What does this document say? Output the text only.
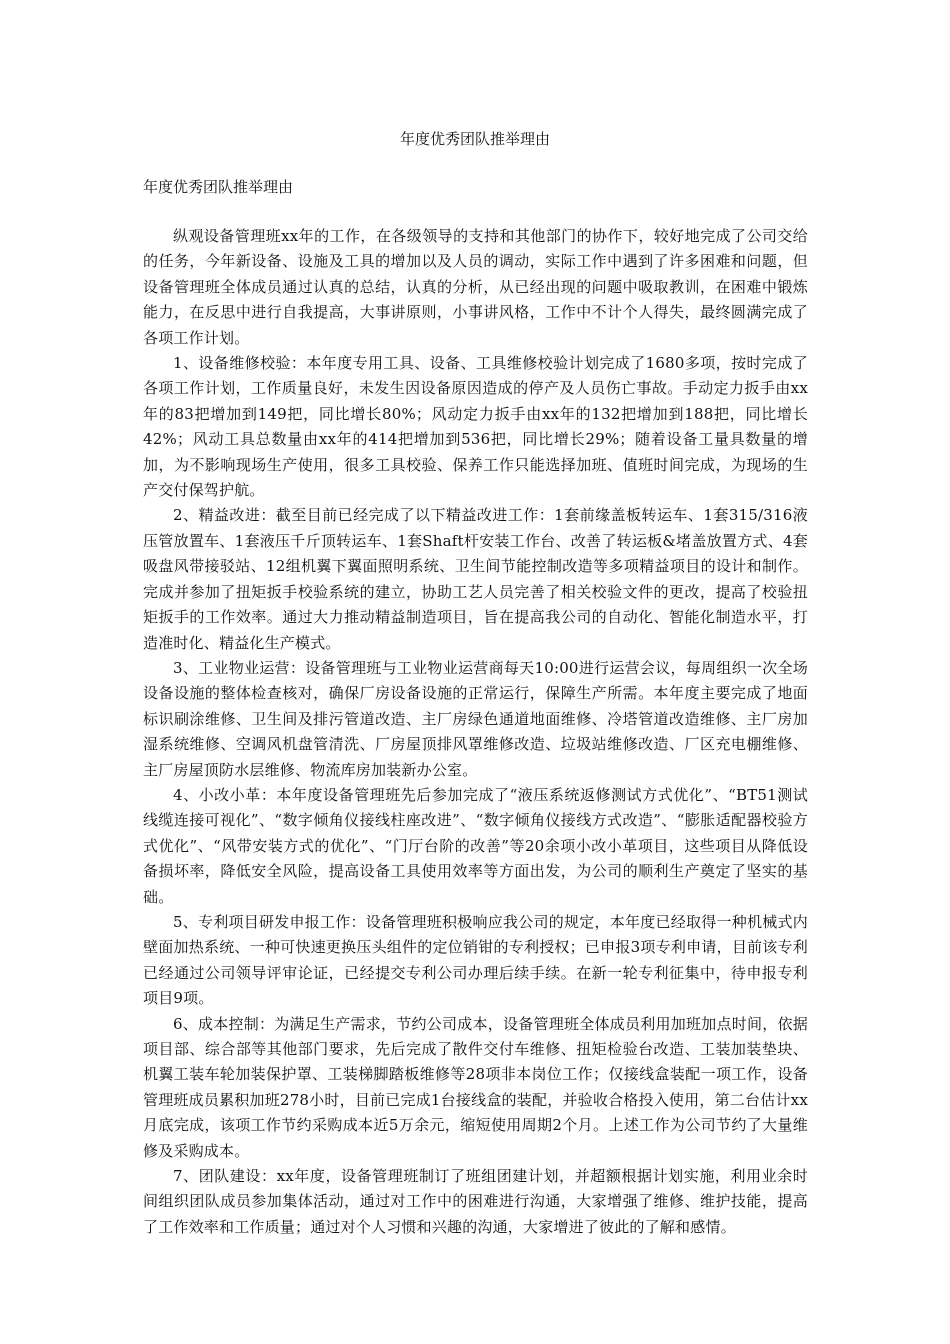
年度优秀团队推举理由
年度优秀团队推举理由

纵观设备管理班xx年的工作，在各级领导的支持和其他部门的协作下，较好地完成了公司交给的任务，今年新设备、设施及工具的增加以及人员的调动，实际工作中遇到了许多困难和问题，但设备管理班全体成员通过认真的总结，认真的分析，从已经出现的问题中吸取教训，在困难中锻炼能力，在反思中进行自我提高，大事讲原则，小事讲风格，工作中不计个人得失，最终圆满完成了各项工作计划。

1、设备维修校验：本年度专用工具、设备、工具维修校验计划完成了1680多项，按时完成了各项工作计划，工作质量良好，未发生因设备原因造成的停产及人员伤亡事故。手动定力扳手由xx年的83把增加到149把，同比增长80%；风动定力扳手由xx年的132把增加到188把，同比增长42%；风动工具总数量由xx年的414把增加到536把，同比增长29%；随着设备工量具数量的增加，为不影响现场生产使用，很多工具校验、保养工作只能选择加班、值班时间完成，为现场的生产交付保驾护航。

2、精益改进：截至目前已经完成了以下精益改进工作：1套前缘盖板转运车、1套315/316液压管放置车、1套液压千斤顶转运车、1套Shaft杆安装工作台、改善了转运板&堵盖放置方式、4套吸盘风带接驳站、12组机翼下翼面照明系统、卫生间节能控制改造等多项精益项目的设计和制作。完成并参加了扭矩扳手校验系统的建立，协助工艺人员完善了相关校验文件的更改，提高了校验扭矩扳手的工作效率。通过大力推动精益制造项目，旨在提高我公司的自动化、智能化制造水平，打造准时化、精益化生产模式。

3、工业物业运营：设备管理班与工业物业运营商每天10:00进行运营会议，每周组织一次全场设备设施的整体检查核对，确保厂房设备设施的正常运行，保障生产所需。本年度主要完成了地面标识刷涂维修、卫生间及排污管道改造、主厂房绿色通道地面维修、冷塔管道改造维修、主厂房加湿系统维修、空调风机盘管清洗、厂房屋顶排风罩维修改造、垃圾站维修改造、厂区充电棚维修、主厂房屋顶防水层维修、物流库房加装新办公室。

4、小改小革：本年度设备管理班先后参加完成了“液压系统返修测试方式优化”、“BT51测试线缆连接可视化”、“数字倾角仪接线柱座改进”、“数字倾角仪接线方式改造”、“膨胀适配器校验方式优化”、“风带安装方式的优化”、“门厅台阶的改善”等20余项小改小革项目，这些项目从降低设备损坏率，降低安全风险，提高设备工具使用效率等方面出发，为公司的顺利生产奠定了坚实的基础。

5、专利项目研发申报工作：设备管理班积极响应我公司的规定，本年度已经取得一种机械式内壁面加热系统、一种可快速更换压头组件的定位销钳的专利授权；已申报3项专利申请，目前该专利已经通过公司领导评审论证，已经提交专利公司办理后续手续。在新一轮专利征集中，待申报专利项目9项。

6、成本控制：为满足生产需求，节约公司成本，设备管理班全体成员利用加班加点时间，依据项目部、综合部等其他部门要求，先后完成了散件交付车维修、扭矩检验台改造、工装加装垫块、机翼工装车轮加装保护罩、工装梯脚踏板维修等28项非本岗位工作；仅接线盒装配一项工作，设备管理班成员累积加班278小时，目前已完成1台接线盒的装配，并验收合格投入使用，第二台估计xx月底完成，该项工作节约采购成本近5万余元，缩短使用周期2个月。上述工作为公司节约了大量维修及采购成本。

7、团队建设：xx年度，设备管理班制订了班组团建计划，并超额根据计划实施，利用业余时间组织团队成员参加集体活动，通过对工作中的困难进行沟通，大家增强了维修、维护技能，提高了工作效率和工作质量；通过对个人习惯和兴趣的沟通，大家增进了彼此的了解和感情。
